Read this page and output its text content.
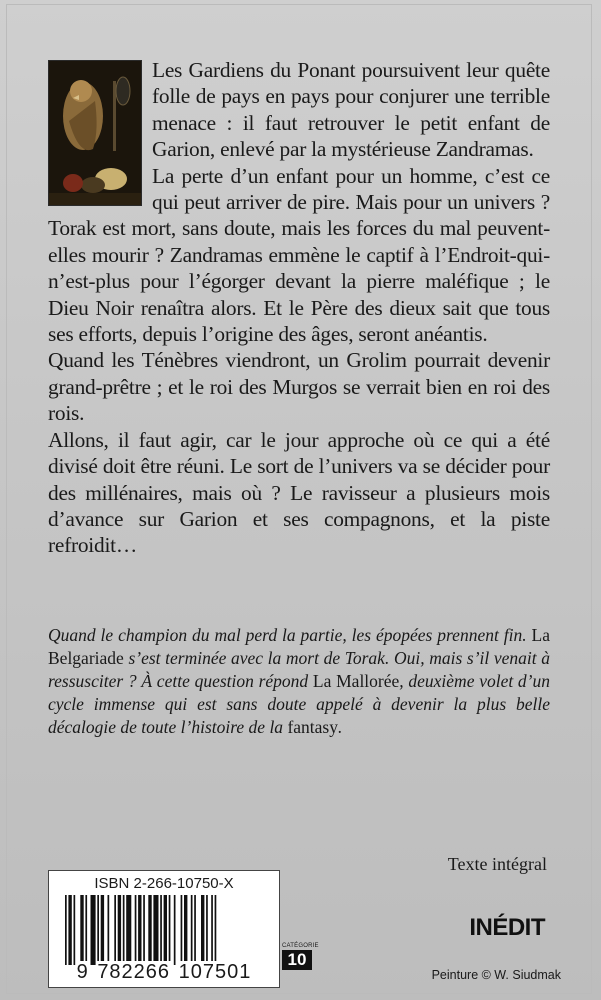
Les Gardiens du Ponant poursuivent leur quête folle de pays en pays pour conjurer une terrible menace : il faut retrouver le petit enfant de Garion, enlevé par la mystérieuse Zandramas.

La perte d’un enfant pour un homme, c’est ce qui peut arriver de pire. Mais pour un univers ? Torak est mort, sans doute, mais les forces du mal peuvent-elles mourir ? Zandramas emmène le captif à l’Endroit-qui-n’est-plus pour l’égorger devant la pierre maléfique ; le Dieu Noir renaîtra alors. Et le Père des dieux sait que tous ses efforts, depuis l’origine des âges, seront anéantis.

Quand les Ténèbres viendront, un Grolim pourrait devenir grand-prêtre ; et le roi des Murgos se verrait bien en roi des rois.

Allons, il faut agir, car le jour approche où ce qui a été divisé doit être réuni. Le sort de l’univers va se décider pour des millénaires, mais où ? Le ravisseur a plusieurs mois d’avance sur Garion et ses compagnons, et la piste refroidit…

Quand le champion du mal perd la partie, les épopées prennent fin. La Belgariade s’est terminée avec la mort de Torak. Oui, mais s’il venait à ressusciter ? À cette question répond La Mallorée, deuxième volet d’un cycle immense qui est sans doute appelé à devenir la plus belle décalogie de toute l’histoire de la fantasy.

Texte intégral
ISBN 2-266-10750-X
9 782266 107501
CATÉGORIE
10
INÉDIT
Peinture © W. Siudmak
